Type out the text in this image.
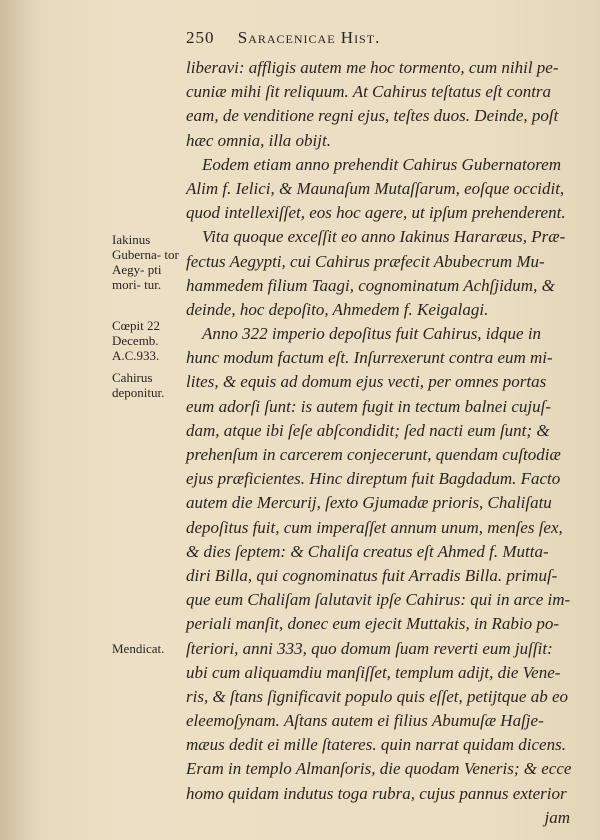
250 Saracenicae Hist.
liberavi: affligis autem me hoc tormento, cum nihil pe-
cuniæ mihi ſit reliquum. At Cahirus teſtatus eſt contra
eam, de venditione regni ejus, teſtes duos. Deinde, poſt
hæc omnia, illa obijt.
Eodem etiam anno prehendit Cahirus Gubernatorem
Alim f. Ielici, & Maunaſum Mutaſſarum, eoſque occidit,
quod intellexiſſet, eos hoc agere, ut ipſum prehenderent.
Vita quoque exceſſit eo anno Iakinus Hararæus, Præ-
fectus Aegypti, cui Cahirus præfecit Abubecrum Mu-
hammedem filium Taagi, cognominatum Achſjidum, &
deinde, hoc depoſito, Ahmedem f. Keigalagi.
Anno 322 imperio depoſitus fuit Cahirus, idque in
hunc modum factum eſt. Inſurrexerunt contra eum mi-
lites, & equis ad domum ejus vecti, per omnes portas
eum adorſi ſunt: is autem fugit in tectum balnei cujuſ-
dam, atque ibi ſeſe abſcondidit; ſed nacti eum ſunt; &
prehenſum in carcerem conjecerunt, quendam cuſtodiæ
ejus præficientes. Hinc direptum fuit Bagdadum. Facto
autem die Mercurij, ſexto Gjumadæ prioris, Chaliſatu
depoſitus fuit, cum imperaſſet annum unum, menſes ſex,
& dies ſeptem: & Chaliſa creatus eſt Ahmed f. Mutta-
diri Billa, qui cognominatus fuit Arradis Billa. primuſ-
que eum Chaliſam ſalutavit ipſe Cahirus: qui in arce im-
periali manſit, donec eum ejecit Muttakis, in Rabio po-
ſteriori, anni 333, quo domum ſuam reverti eum juſſit:
ubi cum aliquamdiu manſiſſet, templum adijt, die Vene-
ris, & ſtans ſignificavit populo quis eſſet, petijtque ab eo
eleemoſynam. Aſtans autem ei filius Abumuſæ Haſje-
mæus dedit ei mille ſtateres. quin narrat quidam dicens.
Eram in templo Almanſoris, die quodam Veneris; & ecce
homo quidam indutus toga rubra, cujus pannus exterior
jam
Iakinus Guberna- tor Aegy- pti mori- tur.
Cœpit 22 Decemb. A.C.933.
Cahirus deponitur.
Mendicat.
